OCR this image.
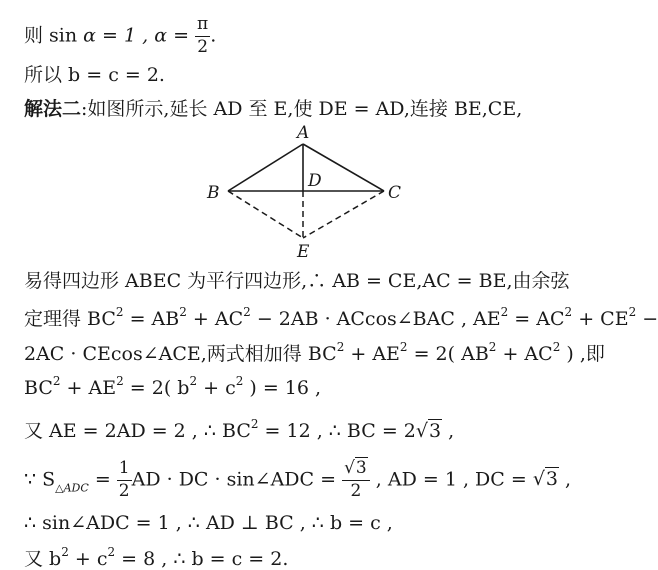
则 sin α = 1 , $\alpha = \frac{\pi}{2}$ .
所以 b = c = 2.
解法二:如图所示,延长 AD 至 E,使 DE = AD,连接 BE,CE,
A
B	C
D
E
易得四边形 ABEC 为平行四边形,∴ AB = CE,AC = BE,由余弦
定理得 $BC^2 = AB^2 + AC^2 - 2AB$ · ACcos∠BAC , $AE^2 = AC^2 + CE^2$ −
2AC · CEcos∠ACE,两式相加得 $BC^2 + AE^2 = 2$( $AB^2 + AC^2$ ) ,即
$BC^2 + AE^2 = 2$( $b^2 + c^2$ ) = 16 ,
又 AE = 2AD = 2 , ∴ $BC^2 = 12$ , ∴ BC = 2√3 ,
∵ $S_{\triangle ADC} = \frac{1}{2}$ AD · DC · sin∠ADC = $\frac{√3}{2}$ , AD = 1 , DC = √3 ,
∴ sin∠ADC = 1 , ∴ AD ⊥ BC , ∴ b = c ,
又 $b^2 + c^2 = 8$ , ∴ b = c = 2.
